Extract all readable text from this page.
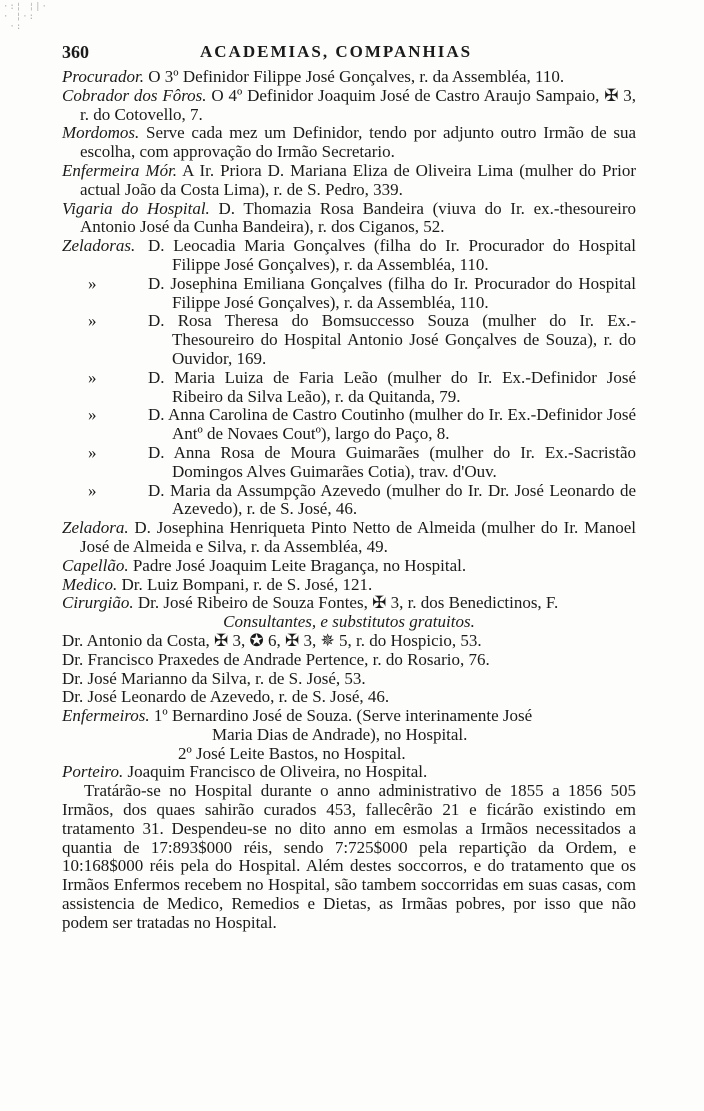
·:¦ ¦|·
· ¦·:
·:
360	ACADEMIAS, COMPANHIAS

Procurador. O 3º Definidor Filippe José Gonçalves, r. da Assembléa, 110.

Cobrador dos Fôros. O 4º Definidor Joaquim José de Castro Araujo Sampaio, ✠ 3, r. do Cotovello, 7.

Mordomos. Serve cada mez um Definidor, tendo por adjunto outro Irmão de sua escolha, com approvação do Irmão Secretario.

Enfermeira Mór. A Ir. Priora D. Mariana Eliza de Oliveira Lima (mulher do Prior actual João da Costa Lima), r. de S. Pedro, 339.

Vigaria do Hospital. D. Thomazia Rosa Bandeira (viuva do Ir. ex.-thesoureiro Antonio José da Cunha Bandeira), r. dos Ciganos, 52.

Zeladoras. D. Leocadia Maria Gonçalves (filha do Ir. Procurador do Hospital Filippe José Gonçalves), r. da Assembléa, 110.

»	D. Josephina Emiliana Gonçalves (filha do Ir. Procurador do Hospital Filippe José Gonçalves), r. da Assembléa, 110.

»	D. Rosa Theresa do Bomsuccesso Souza (mulher do Ir. Ex.-Thesoureiro do Hospital Antonio José Gonçalves de Souza), r. do Ouvidor, 169.

»	D. Maria Luiza de Faria Leão (mulher do Ir. Ex.-Definidor José Ribeiro da Silva Leão), r. da Quitanda, 79.

»	D. Anna Carolina de Castro Coutinho (mulher do Ir. Ex.-Definidor José Antº de Novaes Coutº), largo do Paço, 8.

»	D. Anna Rosa de Moura Guimarães (mulher do Ir. Ex.-Sacristão Domingos Alves Guimarães Cotia), trav. d'Ouv.

»	D. Maria da Assumpção Azevedo (mulher do Ir. Dr. José Leonardo de Azevedo), r. de S. José, 46.

Zeladora. D. Josephina Henriqueta Pinto Netto de Almeida (mulher do Ir. Manoel José de Almeida e Silva, r. da Assembléa, 49.

Capellão. Padre José Joaquim Leite Bragança, no Hospital.

Medico. Dr. Luiz Bompani, r. de S. José, 121.

Cirurgião. Dr. José Ribeiro de Souza Fontes, ✠ 3, r. dos Benedictinos, F.

Consultantes, e substitutos gratuitos.

Dr. Antonio da Costa, ✠ 3, ✪ 6, ✠ 3, ✵ 5, r. do Hospicio, 53.

Dr. Francisco Praxedes de Andrade Pertence, r. do Rosario, 76.

Dr. José Marianno da Silva, r. de S. José, 53.

Dr. José Leonardo de Azevedo, r. de S. José, 46.

Enfermeiros. 1º Bernardino José de Souza. (Serve interinamente José

Maria Dias de Andrade), no Hospital.

2º José Leite Bastos, no Hospital.

Porteiro. Joaquim Francisco de Oliveira, no Hospital.

Tratárão-se no Hospital durante o anno administrativo de 1855 a 1856 505 Irmãos, dos quaes sahirão curados 453, fallecêrão 21 e ficárão existindo em tratamento 31. Despendeu-se no dito anno em esmolas a Irmãos necessitados a quantia de 17:893$000 réis, sendo 7:725$000 pela repartição da Ordem, e 10:168$000 réis pela do Hospital. Além destes soccorros, e do tratamento que os Irmãos Enfermos recebem no Hospital, são tambem soccorridas em suas casas, com assistencia de Medico, Remedios e Dietas, as Irmãas pobres, por isso que não podem ser tratadas no Hospital.
